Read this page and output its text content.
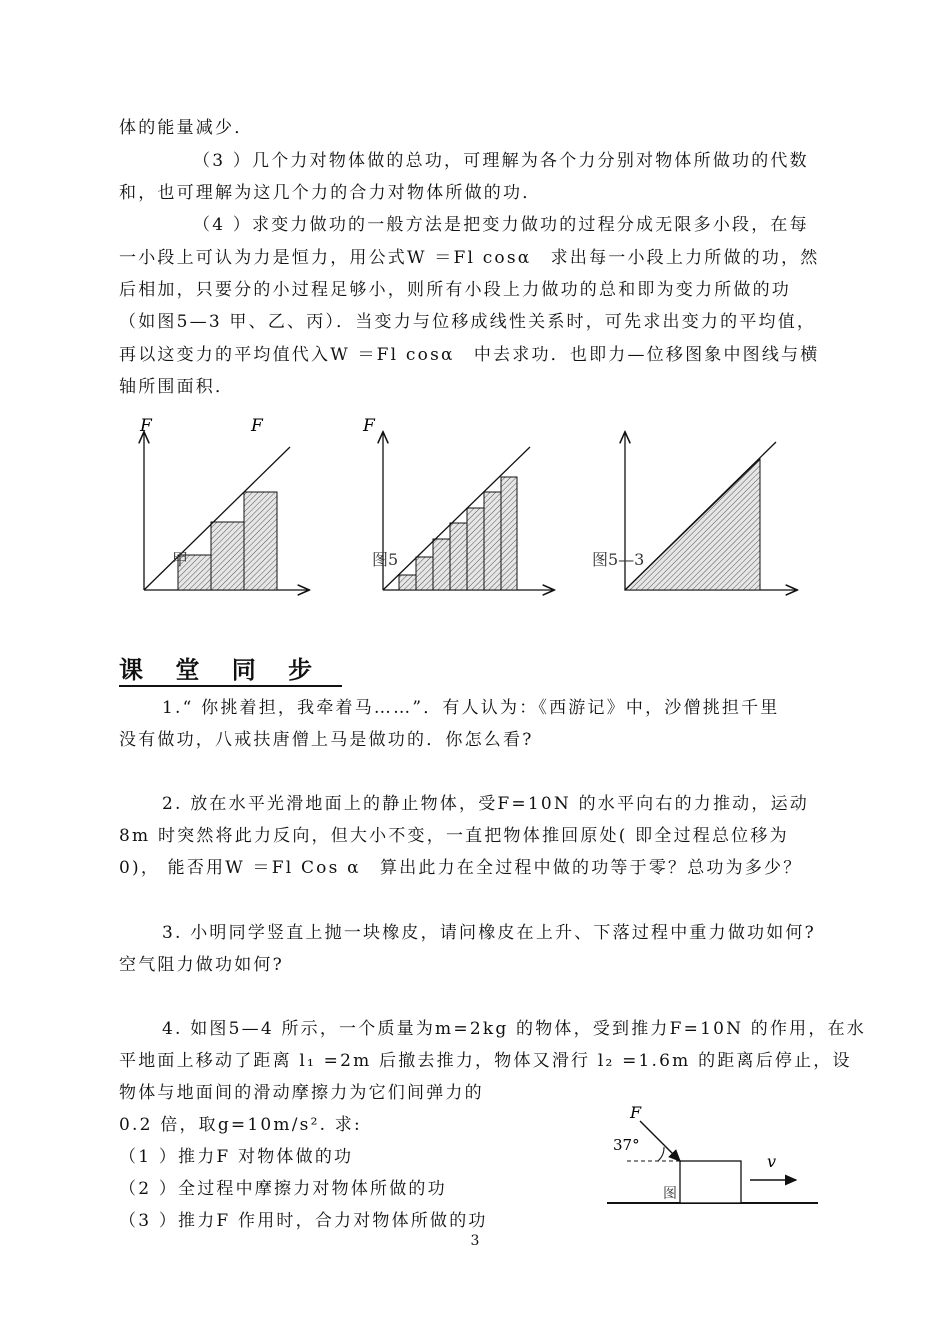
体的能量减少．
（3 ）几个力对物体做的总功，可理解为各个力分别对物体所做功的代数
和，也可理解为这几个力的合力对物体所做的功．
（4 ）求变力做功的一般方法是把变力做功的过程分成无限多小段，在每
一小段上可认为力是恒力，用公式W ＝Fl cosα　求出每一小段上力所做的功，然
后相加，只要分的小过程足够小，则所有小段上力做功的总和即为变力所做的功
（如图5—3 甲、乙、丙）．当变力与位移成线性关系时，可先求出变力的平均值，
再以这变力的平均值代入W ＝Fl cosα　中去求功．也即力—位移图象中图线与横
轴所围面积．
F	F
甲
F
图5	图5—3
课 堂 同 步
1.“ 你挑着担，我牵着马……”．有人认为：《西游记》中，沙僧挑担千里
没有做功，八戒扶唐僧上马是做功的．你怎么看?
2. 放在水平光滑地面上的静止物体，受F=10N 的水平向右的力推动，运动
8m 时突然将此力反向，但大小不变，一直把物体推回原处( 即全过程总位移为
0)， 能否用W ＝Fl Cos α　算出此力在全过程中做的功等于零？总功为多少？
3. 小明同学竖直上抛一块橡皮，请问橡皮在上升、下落过程中重力做功如何?
空气阻力做功如何?
4. 如图5—4 所示，一个质量为m=2kg 的物体，受到推力F=10N 的作用，在水
平地面上移动了距离 l₁ =2m 后撤去推力，物体又滑行 l₂ =1.6m 的距离后停止，设
物体与地面间的滑动摩擦力为它们间弹力的
0.2 倍，取g=10m/s². 求:
（1 ）推力F 对物体做的功
（2 ）全过程中摩擦力对物体所做的功
（3 ）推力F 作用时，合力对物体所做的功
F
37°
v
图
3
